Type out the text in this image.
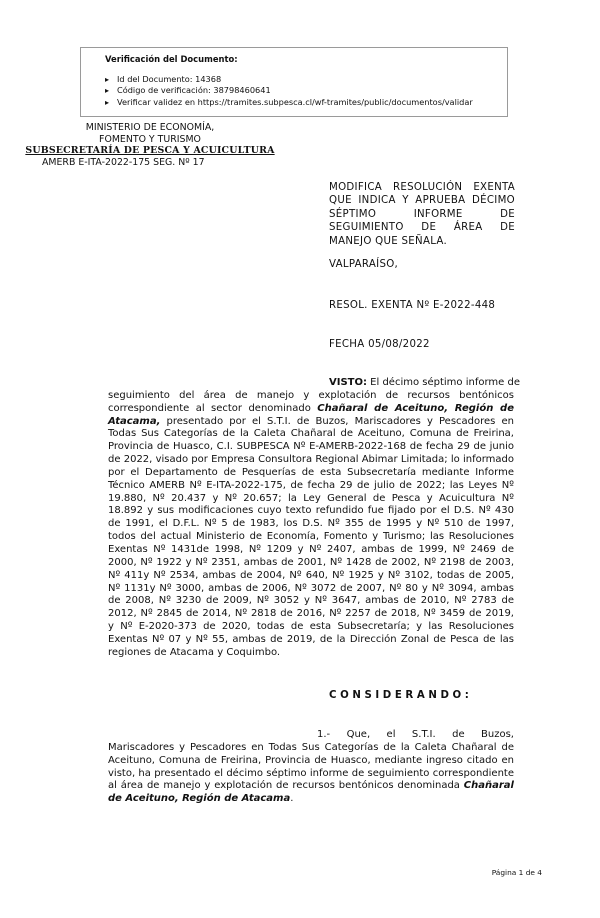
Verificación del Documento:

▸ Id del Documento: 14368
▸ Código de verificación: 38798460641
▸ Verificar validez en https://tramites.subpesca.cl/wf-tramites/public/documentos/validar
MINISTERIO DE ECONOMÍA,
FOMENTO Y TURISMO
SUBSECRETARÍA DE PESCA Y ACUICULTURA
AMERB E-ITA-2022-175 SEG. Nº 17
MODIFICA RESOLUCIÓN EXENTA QUE INDICA Y APRUEBA DÉCIMO SÉPTIMO INFORME DE SEGUIMIENTO DE ÁREA DE MANEJO QUE SEÑALA.
VALPARAÍSO,
RESOL. EXENTA Nº E-2022-448
FECHA 05/08/2022
VISTO: El décimo séptimo informe de
seguimiento del área de manejo y explotación de recursos bentónicos
correspondiente al sector denominado Chañaral de Aceituno, Región de
Atacama, presentado por el S.T.I. de Buzos, Mariscadores y Pescadores en
Todas Sus Categorías de la Caleta Chañaral de Aceituno, Comuna de Freirina,
Provincia de Huasco, C.I. SUBPESCA Nº E-AMERB-2022-168 de fecha 29 de junio
de 2022, visado por Empresa Consultora Regional Abimar Limitada; lo informado
por el Departamento de Pesquerías de esta Subsecretaría mediante Informe
Técnico AMERB Nº E-ITA-2022-175, de fecha 29 de julio de 2022; las Leyes Nº
19.880, Nº 20.437 y Nº 20.657; la Ley General de Pesca y Acuicultura Nº
18.892 y sus modificaciones cuyo texto refundido fue fijado por el D.S. Nº 430
de 1991, el D.F.L. Nº 5 de 1983, los D.S. Nº 355 de 1995 y Nº 510 de 1997,
todos del actual Ministerio de Economía, Fomento y Turismo; las Resoluciones
Exentas Nº 1431de 1998, Nº 1209 y Nº 2407, ambas de 1999, Nº 2469 de
2000, Nº 1922 y Nº 2351, ambas de 2001, Nº 1428 de 2002, Nº 2198 de 2003,
Nº 411y Nº 2534, ambas de 2004, Nº 640, Nº 1925 y Nº 3102, todas de 2005,
Nº 1131y Nº 3000, ambas de 2006, Nº 3072 de 2007, Nº 80 y Nº 3094, ambas
de 2008, Nº 3230 de 2009, Nº 3052 y Nº 3647, ambas de 2010, Nº 2783 de
2012, Nº 2845 de 2014, Nº 2818 de 2016, Nº 2257 de 2018, Nº 3459 de 2019,
y Nº E-2020-373 de 2020, todas de esta Subsecretaría; y las Resoluciones
Exentas Nº 07 y Nº 55, ambas de 2019, de la Dirección Zonal de Pesca de las
regiones de Atacama y Coquimbo.
CONSIDERANDO:
1.- Que, el S.T.I. de Buzos,
Mariscadores y Pescadores en Todas Sus Categorías de la Caleta Chañaral de
Aceituno, Comuna de Freirina, Provincia de Huasco, mediante ingreso citado en
visto, ha presentado el décimo séptimo informe de seguimiento correspondiente
al área de manejo y explotación de recursos bentónicos denominada Chañaral
de Aceituno, Región de Atacama.
Página 1 de 4
